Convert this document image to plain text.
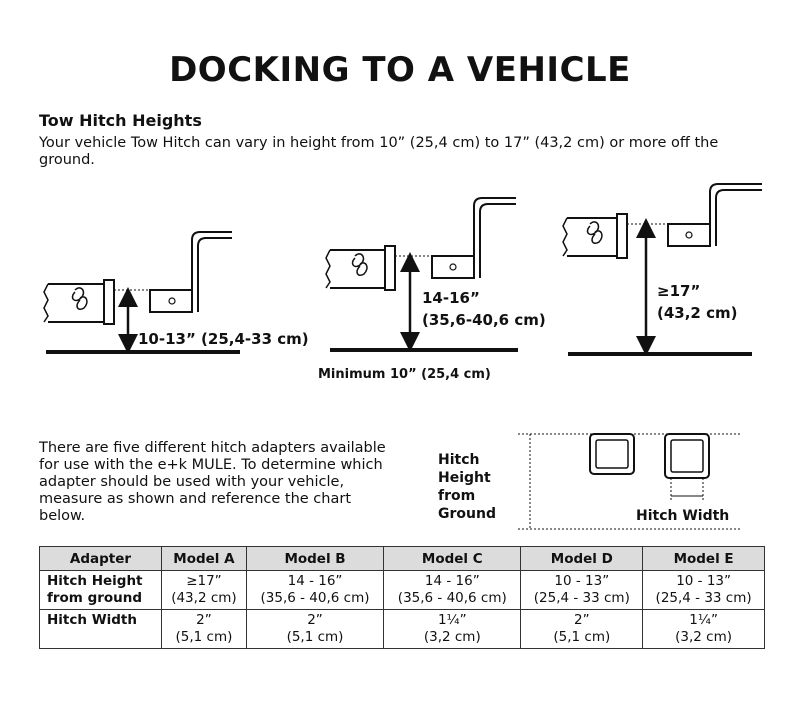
DOCKING TO A VEHICLE
Tow Hitch Heights

Your vehicle Tow Hitch can vary in height from 10” (25,4 cm) to 17” (43,2 cm) or more off the ground.

10-13” (25,4-33 cm)
14-16”
(35,6-40,6 cm)
Minimum 10” (25,4 cm)
≥17”
(43,2 cm)

There are five different hitch adapters available for use with the e+k MULE. To determine which adapter should be used with your vehicle, measure as shown and reference the chart below.

Hitch
Height
from
Ground	Hitch Width
Adapter	Model A	Model B	Model C	Model D	Model E

Hitch Height
from ground	≥17”
(43,2 cm)	14 - 16”
(35,6 - 40,6 cm)	14 - 16”
(35,6 - 40,6 cm)	10 - 13”
(25,4 - 33 cm)	10 - 13”
(25,4 - 33 cm)

Hitch Width	2”
(5,1 cm)	2”
(5,1 cm)	1¼”
(3,2 cm)	2”
(5,1 cm)	1¼”
(3,2 cm)
